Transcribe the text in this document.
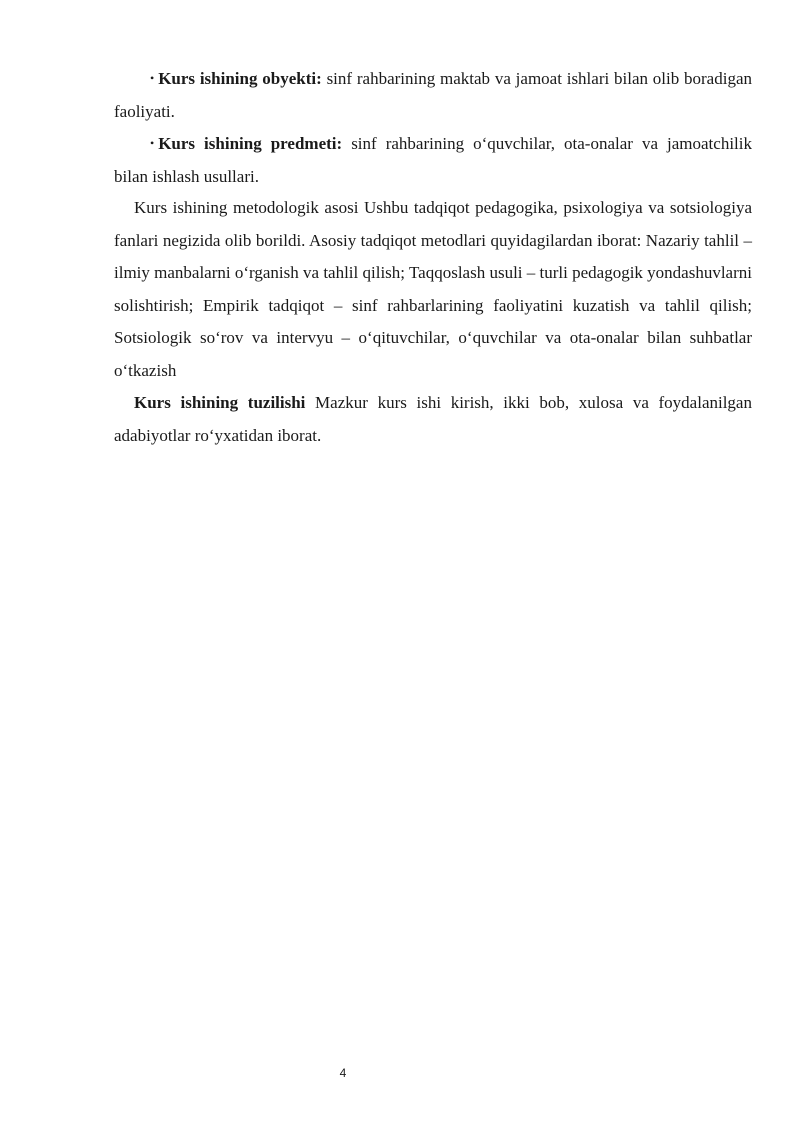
• Kurs ishining obyekti: sinf rahbarining maktab va jamoat ishlari bilan olib boradigan faoliyati.

• Kurs ishining predmeti: sinf rahbarining o‘quvchilar, ota-onalar va jamoatchilik bilan ishlash usullari.

Kurs ishining metodologik asosi Ushbu tadqiqot pedagogika, psixologiya va sotsiologiya fanlari negizida olib borildi. Asosiy tadqiqot metodlari quyidagilardan iborat: Nazariy tahlil – ilmiy manbalarni o‘rganish va tahlil qilish; Taqqoslash usuli – turli pedagogik yondashuvlarni solishtirish; Empirik tadqiqot – sinf rahbarlarining faoliyatini kuzatish va tahlil qilish; Sotsiologik so‘rov va intervyu – o‘qituvchilar, o‘quvchilar va ota-onalar bilan suhbatlar o‘tkazish

Kurs ishining tuzilishi Mazkur kurs ishi kirish, ikki bob, xulosa va foydalanilgan adabiyotlar ro‘yxatidan iborat.

4
